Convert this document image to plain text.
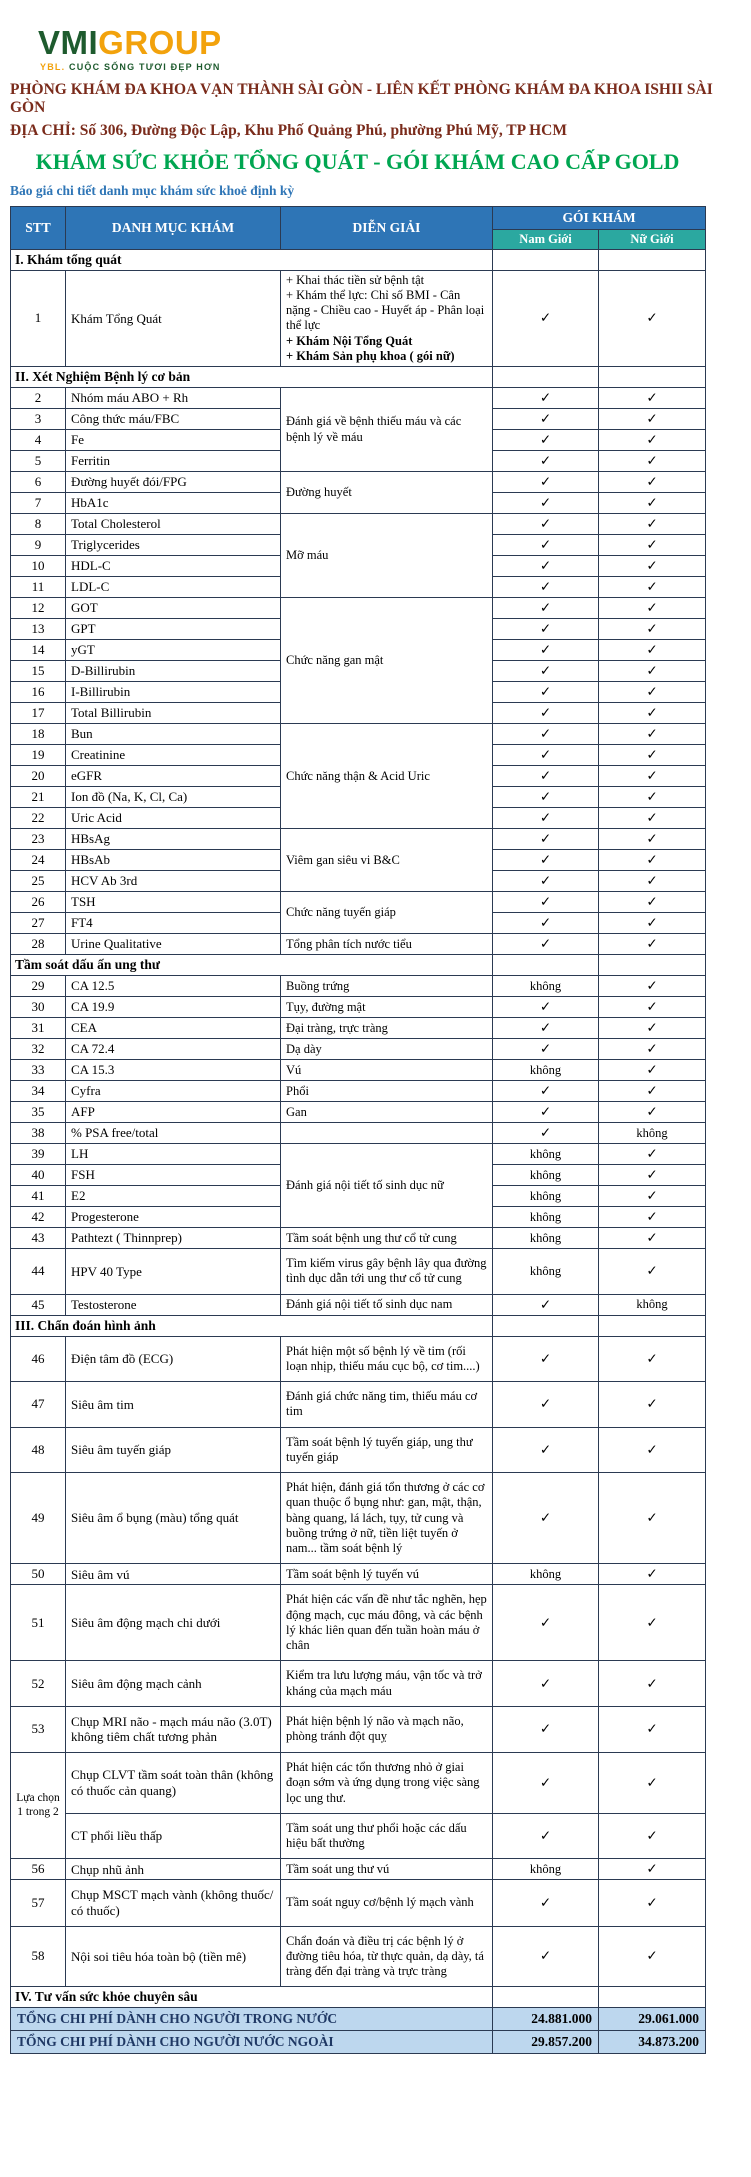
VMIGROUP
YBL. CUỘC SỐNG TƯƠI ĐẸP HƠN
PHÒNG KHÁM ĐA KHOA VẠN THÀNH SÀI GÒN - LIÊN KẾT PHÒNG KHÁM ĐA KHOA ISHII SÀI GÒN
ĐỊA CHỈ: Số 306, Đường Độc Lập, Khu Phố Quảng Phú, phường Phú Mỹ, TP HCM
KHÁM SỨC KHỎE TỔNG QUÁT - GÓI KHÁM CAO CẤP GOLD
Báo giá chi tiết danh mục khám sức khoẻ định kỳ
STT	DANH MỤC KHÁM	DIỄN GIẢI	GÓI KHÁM	
			Nam Giới	Nữ Giới
I. Khám tổng quát				
1	Khám Tổng Quát	+ Khai thác tiền sử bệnh tật
+ Khám thể lực: Chỉ số BMI - Cân nặng - Chiều cao - Huyết áp - Phân loại thể lực
+ Khám Nội Tổng Quát
+ Khám Sản phụ khoa ( gói nữ)	✓	✓
II. Xét Nghiệm Bệnh lý cơ bản				
2	Nhóm máu ABO + Rh	Đánh giá về bệnh thiếu máu và các bệnh lý về máu	✓	✓
3	Công thức máu/FBC		✓	✓
4	Fe		✓	✓
5	Ferritin		✓	✓
6	Đường huyết đói/FPG	Đường huyết	✓	✓
7	HbA1c		✓	✓
8	Total Cholesterol	Mỡ máu	✓	✓
9	Triglycerides		✓	✓
10	HDL-C		✓	✓
11	LDL-C		✓	✓
12	GOT	Chức năng gan mật	✓	✓
13	GPT		✓	✓
14	yGT		✓	✓
15	D-Billirubin		✓	✓
16	I-Billirubin		✓	✓
17	Total Billirubin		✓	✓
18	Bun	Chức năng thận & Acid Uric	✓	✓
19	Creatinine		✓	✓
20	eGFR		✓	✓
21	Ion đồ (Na, K, Cl, Ca)		✓	✓
22	Uric Acid		✓	✓
23	HBsAg	Viêm gan siêu vi B&C	✓	✓
24	HBsAb		✓	✓
25	HCV Ab 3rd		✓	✓
26	TSH	Chức năng tuyến giáp	✓	✓
27	FT4		✓	✓
28	Urine Qualitative	Tổng phân tích nước tiểu	✓	✓
Tầm soát dấu ấn ung thư				
29	CA 12.5	Buồng trứng	không	✓
30	CA 19.9	Tụy, đường mật	✓	✓
31	CEA	Đại tràng, trực tràng	✓	✓
32	CA 72.4	Dạ dày	✓	✓
33	CA 15.3	Vú	không	✓
34	Cyfra	Phổi	✓	✓
35	AFP	Gan	✓	✓
38	% PSA free/total		✓	không
39	LH	Đánh giá nội tiết tố sinh dục nữ	không	✓
40	FSH		không	✓
41	E2		không	✓
42	Progesterone		không	✓
43	Pathtezt ( Thinnprep)	Tầm soát bệnh ung thư cổ tử cung	không	✓
44	HPV 40 Type	Tìm kiếm virus gây bệnh lây qua đường tình dục dẫn tới ung thư cổ tử cung	không	✓
45	Testosterone	Đánh giá nội tiết tố sinh dục nam	✓	không
III. Chẩn đoán hình ảnh				
46	Điện tâm đồ (ECG)	Phát hiện một số bệnh lý về tim (rối loạn nhịp, thiếu máu cục bộ, cơ tim....)	✓	✓
47	Siêu âm tim	Đánh giá chức năng tim, thiếu máu cơ tim	✓	✓
48	Siêu âm tuyến giáp	Tầm soát bệnh lý tuyến giáp, ung thư tuyến giáp	✓	✓
49	Siêu âm ổ bụng (màu) tổng quát	Phát hiện, đánh giá tổn thương ở các cơ quan thuộc ổ bụng như: gan, mật, thận, bàng quang, lá lách, tụy, tử cung và buồng trứng ở nữ, tiền liệt tuyến ở nam... tầm soát bệnh lý	✓	✓
50	Siêu âm vú	Tầm soát bệnh lý tuyến vú	không	✓
51	Siêu âm động mạch chi dưới	Phát hiện các vấn đề như tắc nghẽn, hẹp động mạch, cục máu đông, và các bệnh lý khác liên quan đến tuần hoàn máu ở chân	✓	✓
52	Siêu âm động mạch cảnh	Kiểm tra lưu lượng máu, vận tốc và trở kháng của mạch máu	✓	✓
53	Chụp MRI não - mạch máu não (3.0T) không tiêm chất tương phản	Phát hiện bệnh lý não và mạch não, phòng tránh đột quỵ	✓	✓
Lựa chọn 1 trong 2	Chụp CLVT tầm soát toàn thân (không có thuốc cản quang)	Phát hiện các tổn thương nhỏ ở giai đoạn sớm và ứng dụng trong việc sàng lọc ung thư.	✓	✓
	CT phổi liều thấp	Tầm soát ung thư phổi hoặc các dấu hiệu bất thường	✓	✓
56	Chụp nhũ ảnh	Tầm soát ung thư vú	không	✓
57	Chụp MSCT mạch vành (không thuốc/ có thuốc)	Tầm soát nguy cơ/bệnh lý mạch vành	✓	✓
58	Nội soi tiêu hóa toàn bộ (tiền mê)	Chẩn đoán và điều trị các bệnh lý ở đường tiêu hóa, từ thực quản, dạ dày, tá tràng đến đại tràng và trực tràng	✓	✓
IV. Tư vấn sức khỏe chuyên sâu				
TỔNG CHI PHÍ DÀNH CHO NGƯỜI TRONG NƯỚC			24.881.000	29.061.000
TỔNG CHI PHÍ DÀNH CHO NGƯỜI NƯỚC NGOÀI			29.857.200	34.873.200
